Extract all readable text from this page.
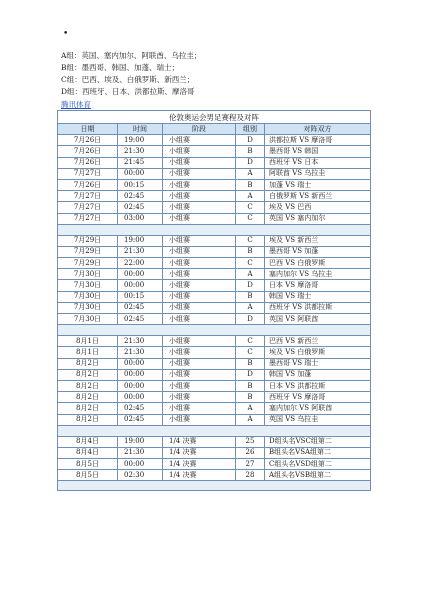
•
A组：英国、塞内加尔、阿联酋、乌拉圭；
B组：墨西哥、韩国、加蓬、瑞士；
C组：巴西、埃及、白俄罗斯、新西兰；
D组：西班牙、日本、洪都拉斯、摩洛哥
腾讯体育
伦敦奥运会男足赛程及对阵				
日期	时间	阶段	组别	对阵双方
7月26日	19:00	小组赛	D	洪都拉斯 VS 摩洛哥
7月26日	21:30	小组赛	B	墨西哥 VS 韩国
7月26日	21:45	小组赛	D	西班牙 VS 日本
7月27日	00:00	小组赛	A	阿联酋 VS 乌拉圭
7月26日	00:15	小组赛	B	加蓬 VS 瑞士
7月27日	02:45	小组赛	A	白俄罗斯 VS 新西兰
7月27日	02:45	小组赛	C	埃及 VS 巴西
7月27日	03:00	小组赛	C	英国 VS 塞内加尔

7月29日	19:00	小组赛	C	埃及 VS 新西兰
7月29日	21:30	小组赛	B	墨西哥 VS 加蓬
7月29日	22:00	小组赛	C	巴西 VS 白俄罗斯
7月30日	00:00	小组赛	A	塞内加尔 VS 乌拉圭
7月30日	00:00	小组赛	D	日本 VS 摩洛哥
7月30日	00:15	小组赛	B	韩国 VS 瑞士
7月30日	02:45	小组赛	A	西班牙 VS 洪都拉斯
7月30日	02:45	小组赛	D	英国 VS 阿联酋

8月1日	21:30	小组赛	C	巴西 VS 新西兰
8月1日	21:30	小组赛	C	埃及 VS 白俄罗斯
8月2日	00:00	小组赛	B	墨西哥 VS 瑞士
8月2日	00:00	小组赛	D	韩国 VS 加蓬
8月2日	00:00	小组赛	B	日本 VS 洪都拉斯
8月2日	00:00	小组赛	B	西班牙 VS 摩洛哥
8月2日	02:45	小组赛	A	塞内加尔 VS 阿联酋
8月2日	02:45	小组赛	A	英国 VS 乌拉圭

8月4日	19:00	1/4 决赛	25	D组头名VSC组第二
8月4日	21:30	1/4 决赛	26	B组头名VSA组第二
8月5日	00:00	1/4 决赛	27	C组头名VSD组第二
8月5日	02:30	1/4 决赛	28	A组头名VSB组第二
